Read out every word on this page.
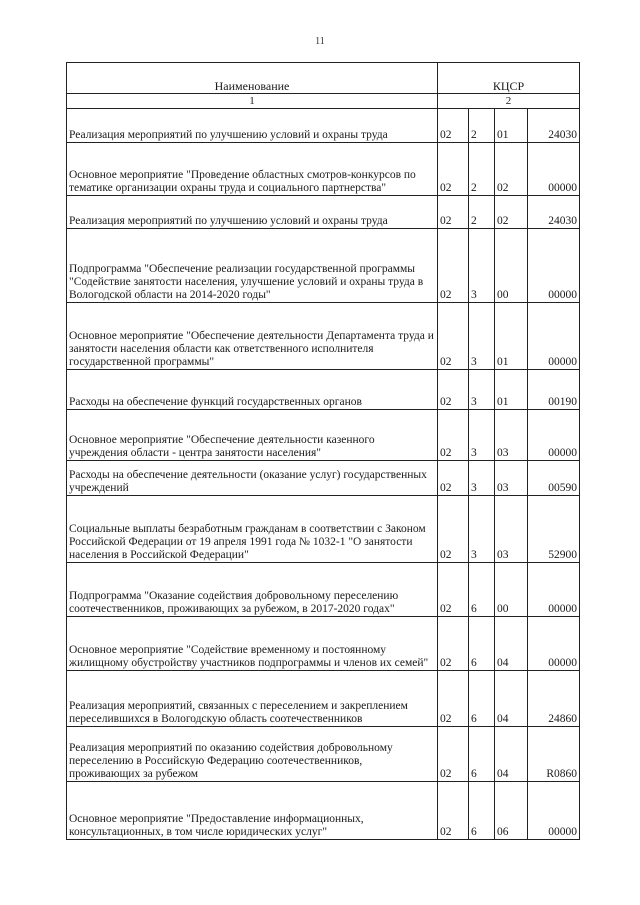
11
Наименование	КЦСР			
1	2			
Реализация мероприятий по улучшению условий и охраны труда	02	2	01	24030
Основное мероприятие "Проведение областных смотров-конкурсов по тематике организации охраны труда и социального партнерства"	02	2	02	00000
Реализация мероприятий по улучшению условий и охраны труда	02	2	02	24030
Подпрограмма "Обеспечение реализации государственной программы "Содействие занятости населения, улучшение условий и охраны труда в Вологодской области на 2014-2020 годы"	02	3	00	00000
Основное мероприятие "Обеспечение деятельности Департамента труда и занятости населения области как ответственного исполнителя государственной программы"	02	3	01	00000
Расходы на обеспечение функций государственных органов	02	3	01	00190
Основное мероприятие "Обеспечение деятельности казенного учреждения области - центра занятости населения"	02	3	03	00000
Расходы на обеспечение деятельности (оказание услуг) государственных учреждений	02	3	03	00590
Социальные выплаты безработным гражданам в соответствии с Законом Российской Федерации от 19 апреля 1991 года № 1032-1 "О занятости населения в Российской Федерации"	02	3	03	52900
Подпрограмма "Оказание содействия добровольному переселению соотечественников, проживающих за рубежом, в 2017-2020 годах"	02	6	00	00000
Основное мероприятие "Содействие временному и постоянному жилищному обустройству участников подпрограммы и членов их семей"	02	6	04	00000
Реализация мероприятий, связанных с переселением и закреплением переселившихся в Вологодскую область соотечественников	02	6	04	24860
Реализация мероприятий по оказанию содействия добровольному переселению в Российскую Федерацию соотечественников, проживающих за рубежом	02	6	04	R0860
Основное мероприятие "Предоставление информационных, консультационных, в том числе юридических услуг"	02	6	06	00000
